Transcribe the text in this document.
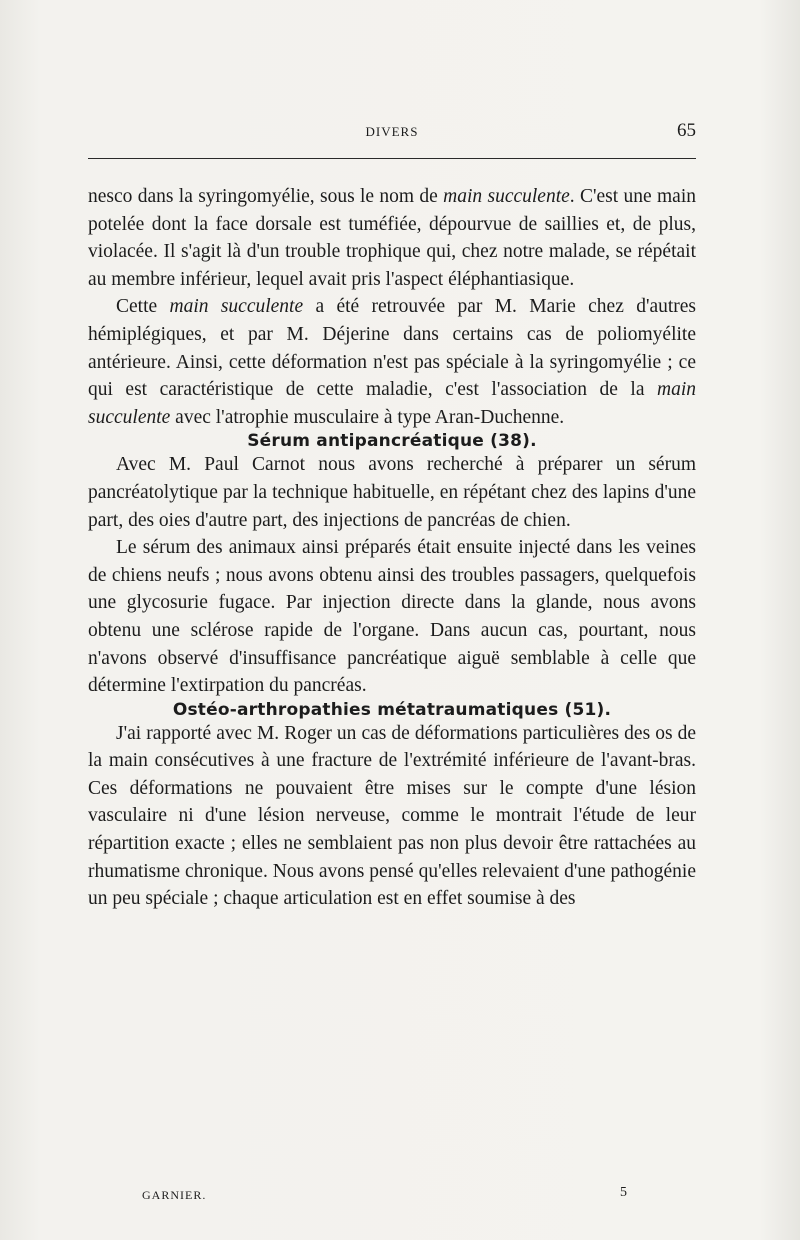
DIVERS	65

nesco dans la syringomyélie, sous le nom de main succulente. C'est une main potelée dont la face dorsale est tuméfiée, dépourvue de saillies et, de plus, violacée. Il s'agit là d'un trouble trophique qui, chez notre malade, se répétait au membre inférieur, lequel avait pris l'aspect éléphantiasique.

Cette main succulente a été retrouvée par M. Marie chez d'autres hémiplégiques, et par M. Déjerine dans certains cas de poliomyélite antérieure. Ainsi, cette déformation n'est pas spéciale à la syringomyélie ; ce qui est caractéristique de cette maladie, c'est l'association de la main succulente avec l'atrophie musculaire à type Aran-Duchenne.

Sérum antipancréatique (38).

Avec M. Paul Carnot nous avons recherché à préparer un sérum pancréatolytique par la technique habituelle, en répétant chez des lapins d'une part, des oies d'autre part, des injections de pancréas de chien.

Le sérum des animaux ainsi préparés était ensuite injecté dans les veines de chiens neufs ; nous avons obtenu ainsi des troubles passagers, quelquefois une glycosurie fugace. Par injection directe dans la glande, nous avons obtenu une sclérose rapide de l'organe. Dans aucun cas, pourtant, nous n'avons observé d'insuffisance pancréatique aiguë semblable à celle que détermine l'extirpation du pancréas.

Ostéo-arthropathies métatraumatiques (51).

J'ai rapporté avec M. Roger un cas de déformations particulières des os de la main consécutives à une fracture de l'extrémité inférieure de l'avant-bras. Ces déformations ne pouvaient être mises sur le compte d'une lésion vasculaire ni d'une lésion nerveuse, comme le montrait l'étude de leur répartition exacte ; elles ne semblaient pas non plus devoir être rattachées au rhumatisme chronique. Nous avons pensé qu'elles relevaient d'une pathogénie un peu spéciale ; chaque articulation est en effet soumise à des

GARNIER.	5
